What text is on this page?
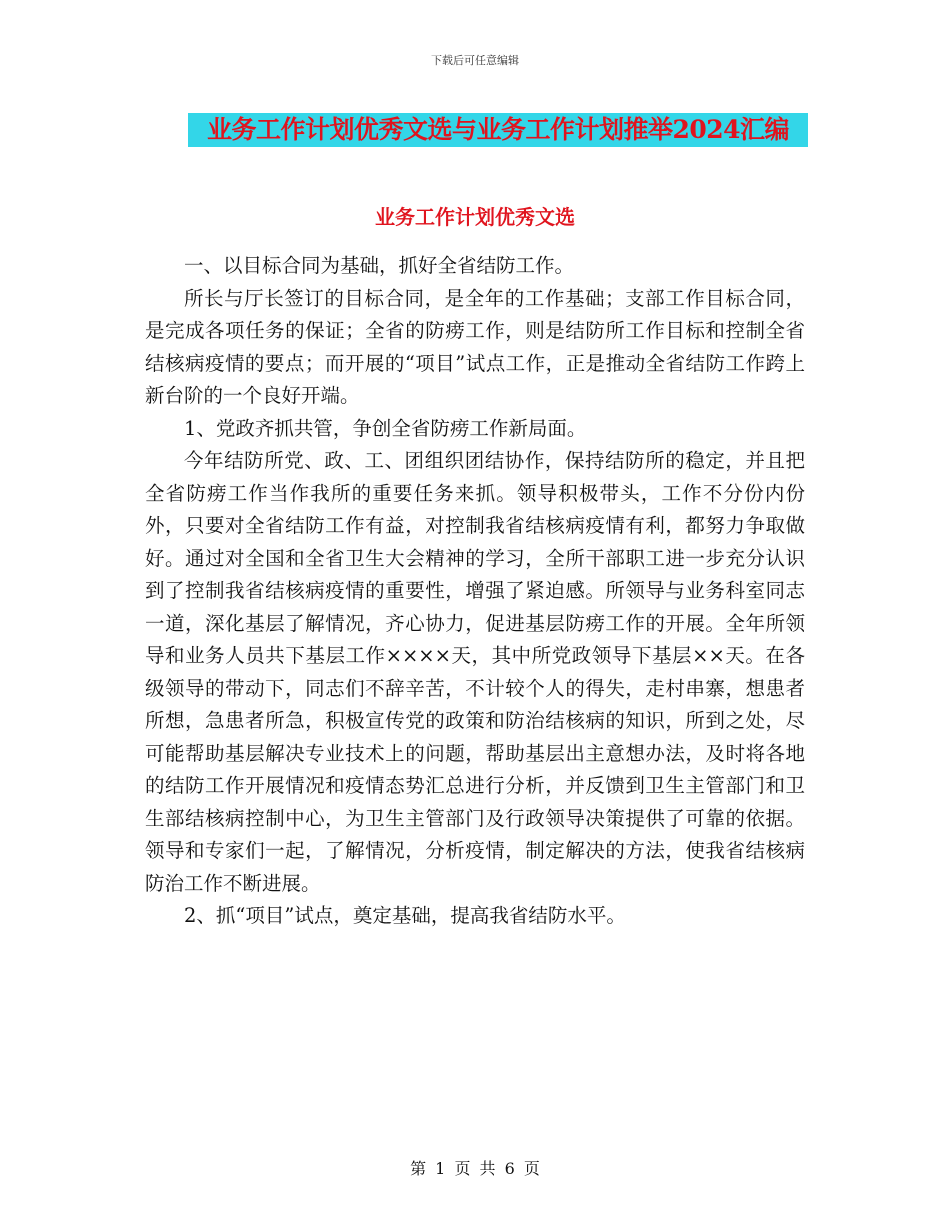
下载后可任意编辑
业务工作计划优秀文选与业务工作计划推举2024汇编
业务工作计划优秀文选

一、以目标合同为基础，抓好全省结防工作。

所长与厅长签订的目标合同，是全年的工作基础；支部工作目标合同，是完成各项任务的保证；全省的防痨工作，则是结防所工作目标和控制全省结核病疫情的要点；而开展的“项目”试点工作，正是推动全省结防工作跨上新台阶的一个良好开端。

1、党政齐抓共管，争创全省防痨工作新局面。

今年结防所党、政、工、团组织团结协作，保持结防所的稳定，并且把全省防痨工作当作我所的重要任务来抓。领导积极带头，工作不分份内份外，只要对全省结防工作有益，对控制我省结核病疫情有利，都努力争取做好。通过对全国和全省卫生大会精神的学习，全所干部职工进一步充分认识到了控制我省结核病疫情的重要性，增强了紧迫感。所领导与业务科室同志一道，深化基层了解情况，齐心协力，促进基层防痨工作的开展。全年所领导和业务人员共下基层工作××××天，其中所党政领导下基层××天。在各级领导的带动下，同志们不辞辛苦，不计较个人的得失，走村串寨，想患者所想，急患者所急，积极宣传党的政策和防治结核病的知识，所到之处，尽可能帮助基层解决专业技术上的问题，帮助基层出主意想办法，及时将各地的结防工作开展情况和疫情态势汇总进行分析，并反馈到卫生主管部门和卫生部结核病控制中心，为卫生主管部门及行政领导决策提供了可靠的依据。领导和专家们一起，了解情况，分析疫情，制定解决的方法，使我省结核病防治工作不断进展。

2、抓“项目”试点，奠定基础，提高我省结防水平。

第 1 页 共 6 页
